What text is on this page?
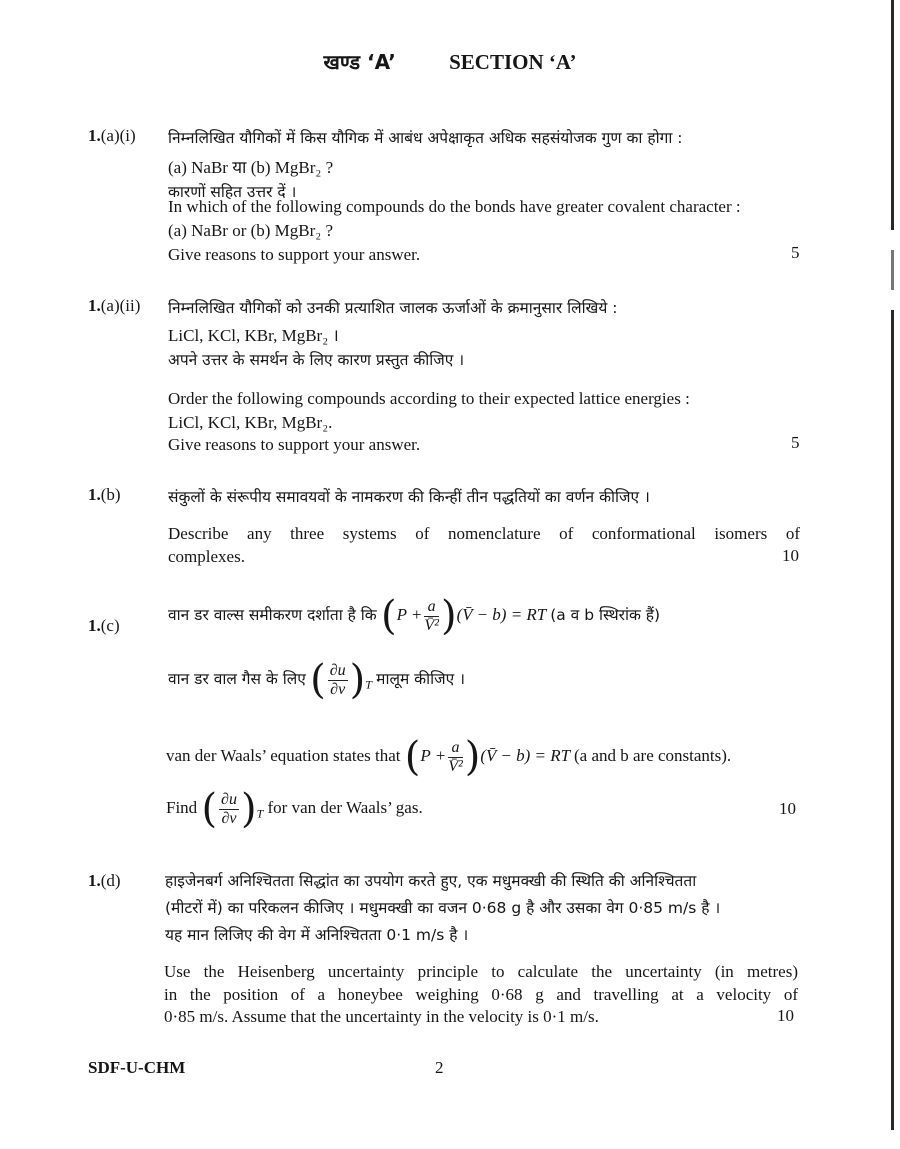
खण्ड ‘A’	SECTION ‘A’
1.(a)(i) निम्नलिखित यौगिकों में किस यौगिक में आबंध अपेक्षाकृत अधिक सहसंयोजक गुण का होगा :
(a) NaBr या (b) MgBr₂ ?
कारणों सहित उत्तर दें ।
In which of the following compounds do the bonds have greater covalent character :
(a) NaBr or (b) MgBr₂ ?
Give reasons to support your answer.	5
1.(a)(ii) निम्नलिखित यौगिकों को उनकी प्रत्याशित जालक ऊर्जाओं के क्रमानुसार लिखिये :
LiCl, KCl, KBr, MgBr₂ ।
अपने उत्तर के समर्थन के लिए कारण प्रस्तुत कीजिए ।
Order the following compounds according to their expected lattice energies :
LiCl, KCl, KBr, MgBr₂.
Give reasons to support your answer.	5
1.(b)	संकुलों के संरूपीय समावयवों के नामकरण की किन्हीं तीन पद्धतियों का वर्णन कीजिए ।
Describe any three systems of nomenclature of conformational isomers of
complexes.	10
1.(c)
वान डर वाल्स समीकरण दर्शाता है कि ($P + \frac{a}{\text{V̄²}}$ )(V̄ − b) = RT (a व b स्थिरांक हैं)
वान डर वाल गैस के लिए ( $\frac{\partial u}{\partial v} )_T$ मालूम कीजिए ।
van der Waals’ equation states that ($P + \frac{a}{\text{V̄²}}$ )(V̄ − b) = RT (a and b are constants).
Find ( $\frac{\partial u}{\partial v} )_T$ for van der Waals’ gas.	10
1.(d)	हाइजेनबर्ग अनिश्चितता सिद्धांत का उपयोग करते हुए, एक मधुमक्खी की स्थिति की अनिश्चितता
(मीटरों में) का परिकलन कीजिए । मधुमक्खी का वजन 0·68 g है और उसका वेग 0·85 m/s है ।
यह मान लिजिए की वेग में अनिश्चितता 0·1 m/s है ।
Use the Heisenberg uncertainty principle to calculate the uncertainty (in metres)
in the position of a honeybee weighing 0·68 g and travelling at a velocity of
0·85 m/s. Assume that the uncertainty in the velocity is 0·1 m/s.	10
SDF-U-CHM	2
